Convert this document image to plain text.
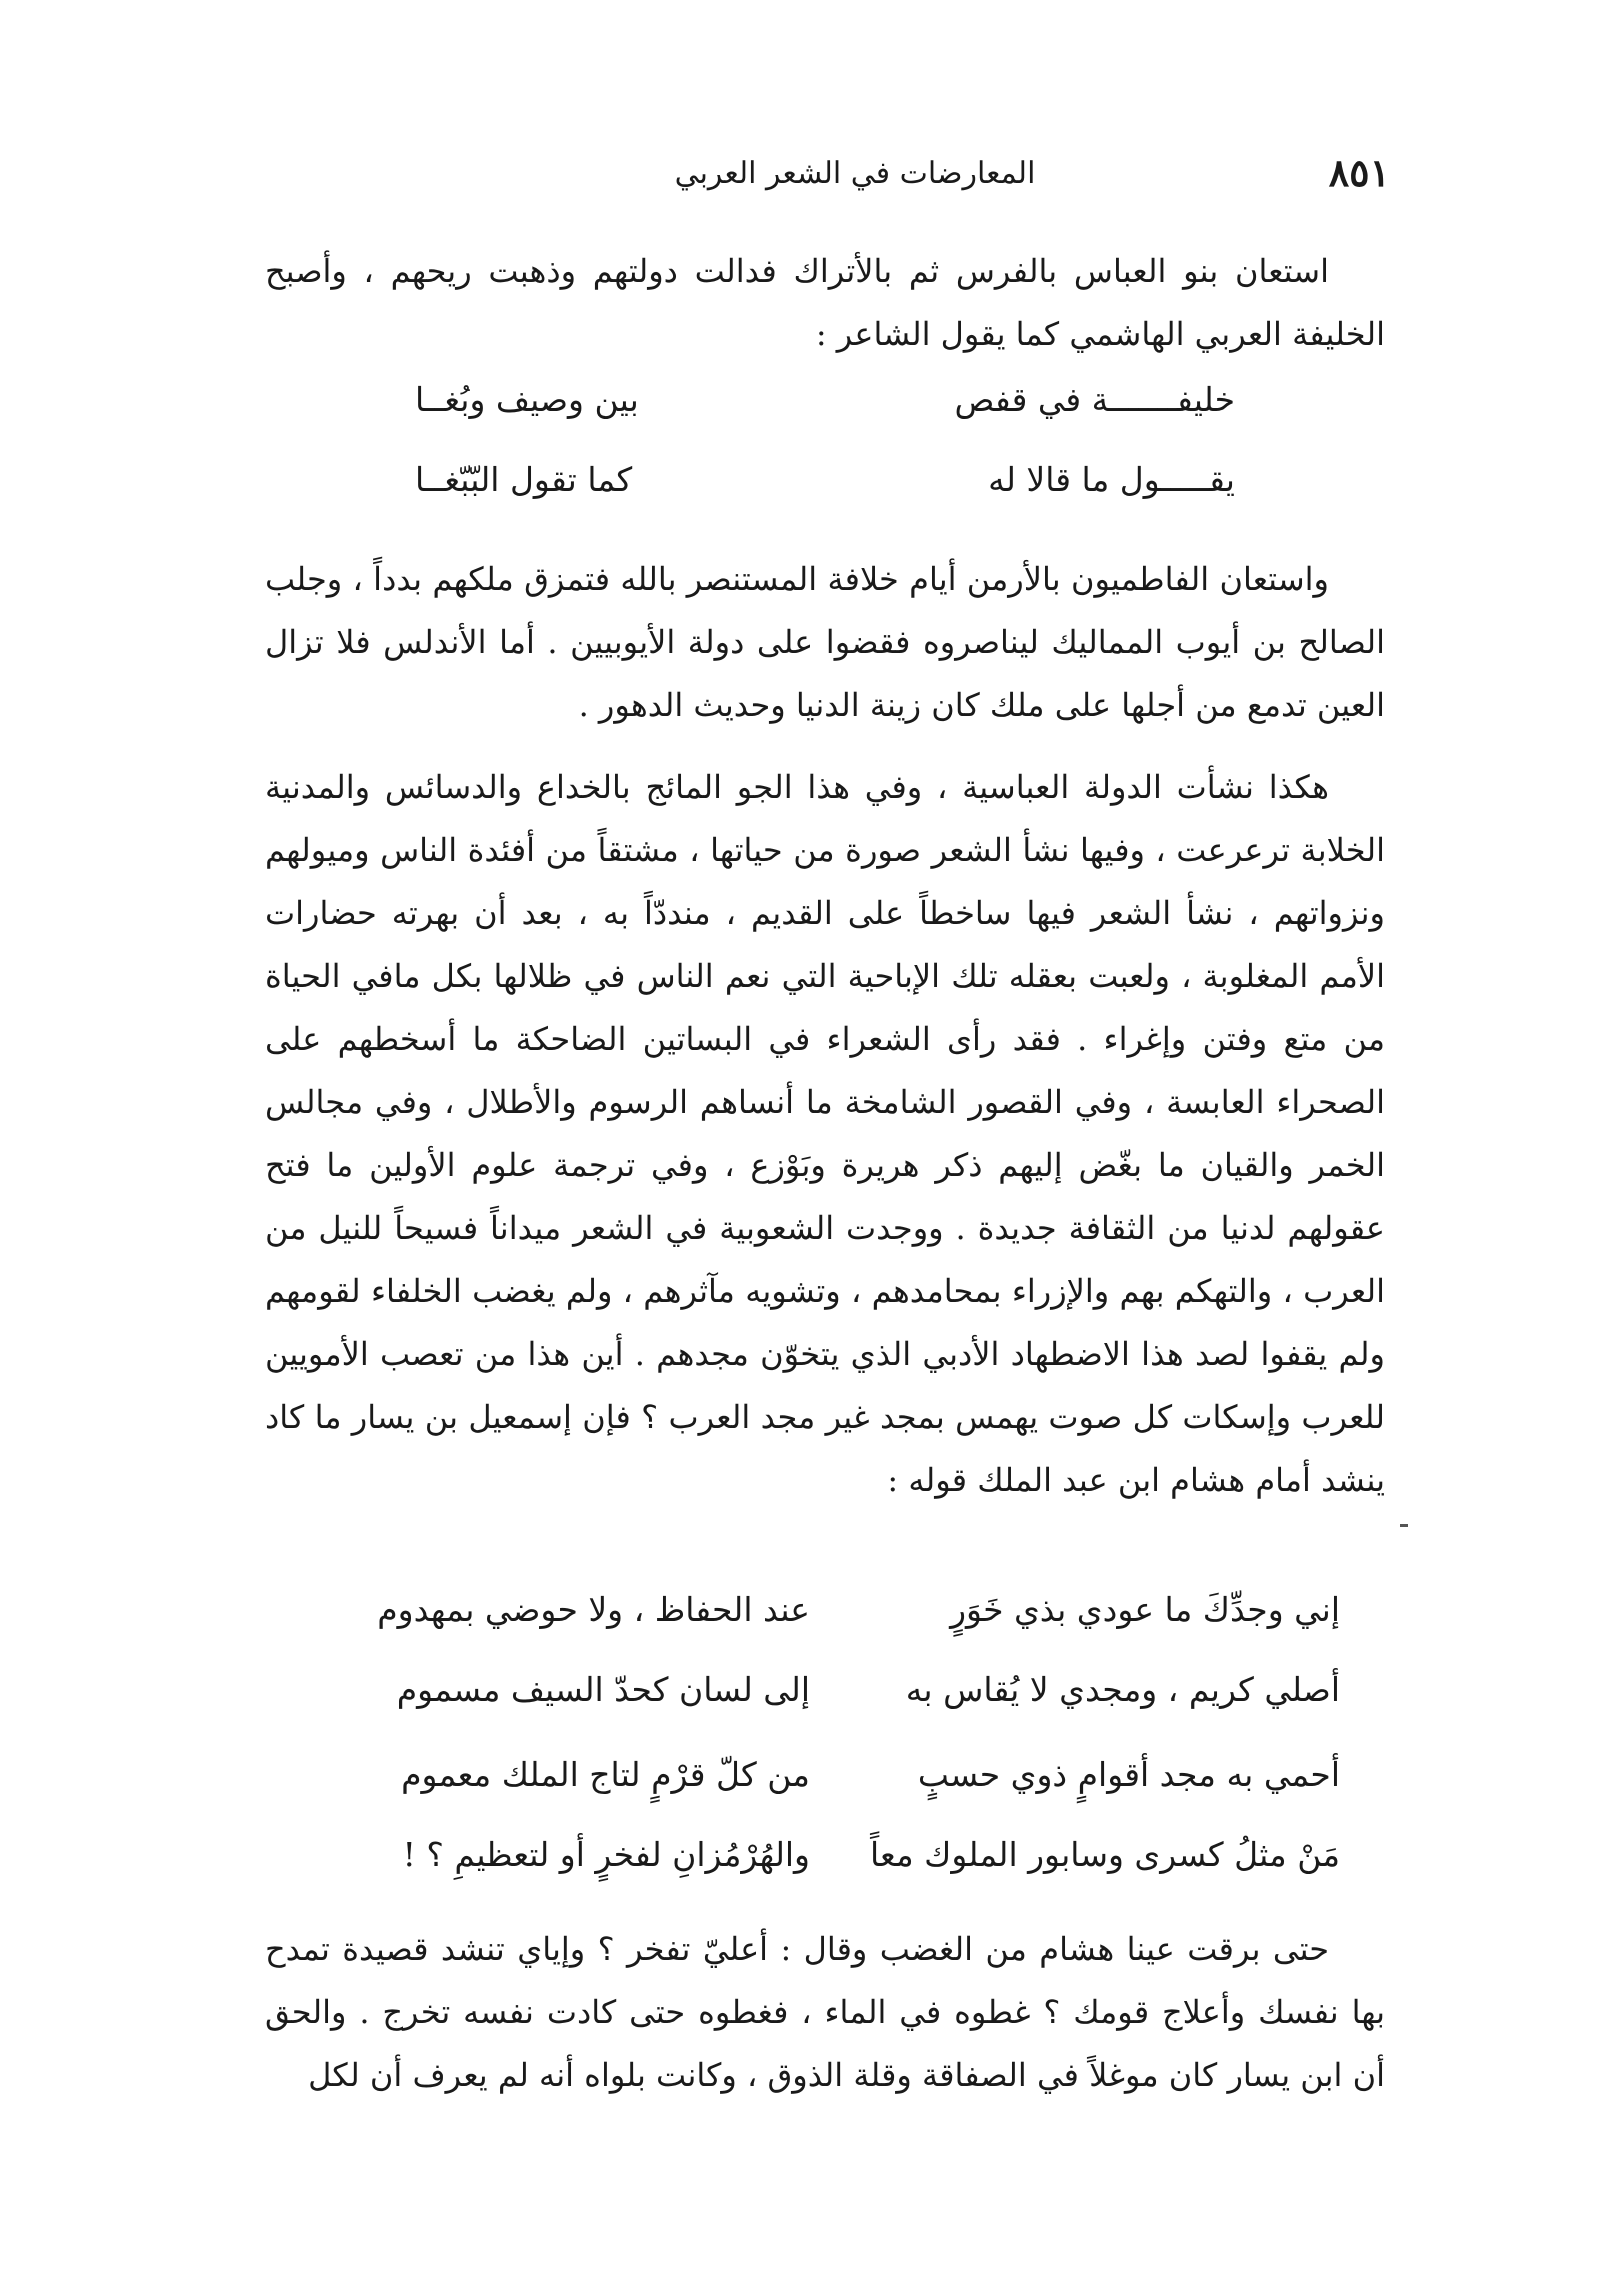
٨٥١
المعارضات في الشعر العربي

استعان بنو العباس بالفرس ثم بالأتراك فدالت دولتهم وذهبت ريحهم ، وأصبح الخليفة العربي الهاشمي كما يقول الشاعر :

خليفـــــــة في قفص
بين وصيف وبُغــا
يقـــــول ما قالا له
كما تقول البّبّغــا

واستعان الفاطميون بالأرمن أيام خلافة المستنصر بالله فتمزق ملكهم بدداً ، وجلب الصالح بن أيوب المماليك ليناصروه فقضوا على دولة الأيوبيين . أما الأندلس فلا تزال العين تدمع من أجلها على ملك كان زينة الدنيا وحديث الدهور .

هكذا نشأت الدولة العباسية ، وفي هذا الجو المائج بالخداع والدسائس والمدنية الخلابة ترعرعت ، وفيها نشأ الشعر صورة من حياتها ، مشتقاً من أفئدة الناس وميولهم ونزواتهم ، نشأ الشعر فيها ساخطاً على القديم ، منددّاً به ، بعد أن بهرته حضارات الأمم المغلوبة ، ولعبت بعقله تلك الإباحية التي نعم الناس في ظلالها بكل مافي الحياة من متع وفتن وإغراء . فقد رأى الشعراء في البساتين الضاحكة ما أسخطهم على الصحراء العابسة ، وفي القصور الشامخة ما أنساهم الرسوم والأطلال ، وفي مجالس الخمر والقيان ما بغّض إليهم ذكر هريرة وبَوْزع ، وفي ترجمة علوم الأولين ما فتح عقولهم لدنيا من الثقافة جديدة . ووجدت الشعوبية في الشعر ميداناً فسيحاً للنيل من العرب ، والتهكم بهم والإزراء بمحامدهم ، وتشويه مآثرهم ، ولم يغضب الخلفاء لقومهم ولم يقفوا لصد هذا الاضطهاد الأدبي الذي يتخوّن مجدهم . أين هذا من تعصب الأمويين للعرب وإسكات كل صوت يهمس بمجد غير مجد العرب ؟ فإن إسمعيل بن يسار ما كاد ينشد أمام هشام ابن عبد الملك قوله :

إني وجدِّكَ ما عودي بذي خَوَرٍ
عند الحفاظ ، ولا حوضي بمهدوم
أصلي كريم ، ومجدي لا يُقاس به
إلى لسان كحدّ السيف مسموم
أحمي به مجد أقوامٍ ذوي حسبٍ
من كلّ قرْمٍ لتاج الملك معموم
مَنْ مثلُ كسرى وسابور الملوك معاً
والهُرْمُزانِ لفخرٍ أو لتعظيمِ ؟ !

حتى برقت عينا هشام من الغضب وقال : أعليّ تفخر ؟ وإياي تنشد قصيدة تمدح بها نفسك وأعلاج قومك ؟ غطوه في الماء ، فغطوه حتى كادت نفسه تخرج . والحق أن ابن يسار كان موغلاً في الصفاقة وقلة الذوق ، وكانت بلواه أنه لم يعرف أن لكل
